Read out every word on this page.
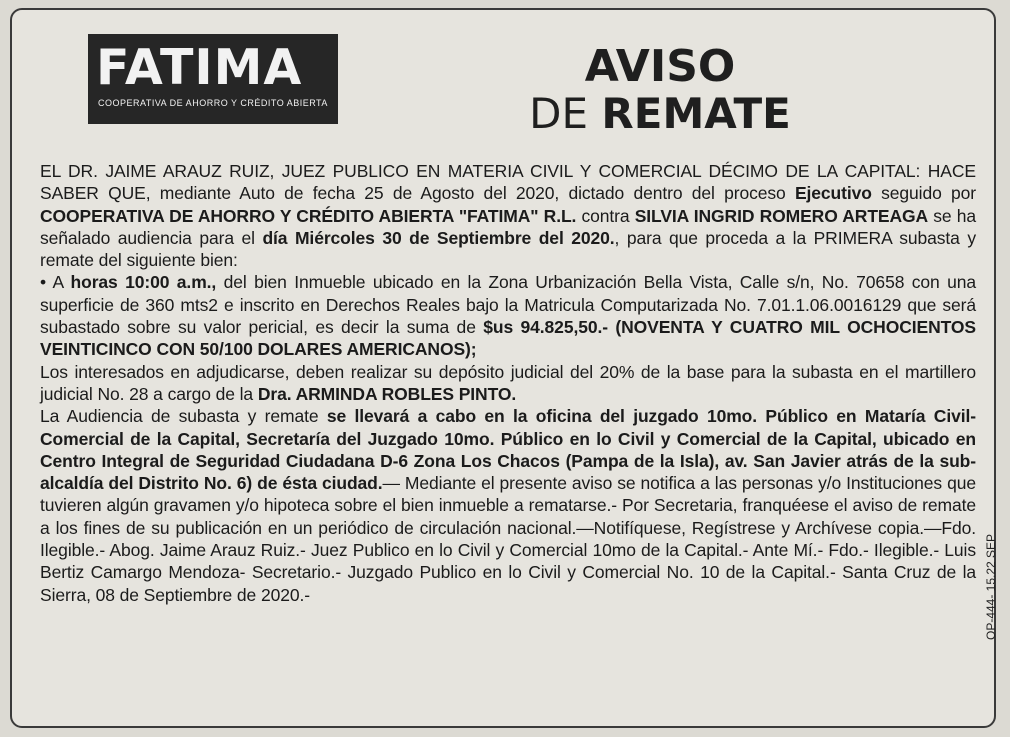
FATIMA
COOPERATIVA DE AHORRO Y CRÉDITO ABIERTA
AVISO
DE REMATE

EL DR. JAIME ARAUZ RUIZ, JUEZ PUBLICO EN MATERIA CIVIL Y COMERCIAL DÉCIMO DE LA CAPITAL: HACE SABER QUE, mediante Auto de fecha 25 de Agosto del 2020, dictado dentro del proceso Ejecutivo seguido por COOPERATIVA DE AHORRO Y CRÉDITO ABIERTA "FATIMA" R.L. contra SILVIA INGRID ROMERO ARTEAGA se ha señalado audiencia para el día Miércoles 30 de Septiembre del 2020., para que proceda a la PRIMERA subasta y remate del siguiente bien:

• A horas 10:00 a.m., del bien Inmueble ubicado en la Zona Urbanización Bella Vista, Calle s/n, No. 70658 con una superficie de 360 mts2 e inscrito en Derechos Reales bajo la Matricula Computarizada No. 7.01.1.06.0016129 que será subastado sobre su valor pericial, es decir la suma de $us 94.825,50.- (NOVENTA Y CUATRO MIL OCHOCIENTOS VEINTICINCO CON 50/100 DOLARES AMERICANOS);

Los interesados en adjudicarse, deben realizar su depósito judicial del 20% de la base para la subasta en el martillero judicial No. 28 a cargo de la Dra. ARMINDA ROBLES PINTO.

La Audiencia de subasta y remate se llevará a cabo en la oficina del juzgado 10mo. Público en Mataría Civil- Comercial de la Capital, Secretaría del Juzgado 10mo. Público en lo Civil y Comercial de la Capital, ubicado en Centro Integral de Seguridad Ciudadana D-6 Zona Los Chacos (Pampa de la Isla), av. San Javier atrás de la sub-alcaldía del Distrito No. 6) de ésta ciudad.— Mediante el presente aviso se notifica a las personas y/o Instituciones que tuvieren algún gravamen y/o hipoteca sobre el bien inmueble a rematarse.- Por Secretaria, franquéese el aviso de remate a los fines de su publicación en un periódico de circulación nacional.—Notifíquese, Regístrese y Archívese copia.—Fdo. Ilegible.- Abog. Jaime Arauz Ruiz.- Juez Publico en lo Civil y Comercial 10mo de la Capital.- Ante Mí.- Fdo.- Ilegible.- Luis Bertiz Camargo Mendoza- Secretario.- Juzgado Publico en lo Civil y Comercial No. 10 de la Capital.- Santa Cruz de la Sierra, 08 de Septiembre de 2020.-	OP-444- 15.22 SEP
